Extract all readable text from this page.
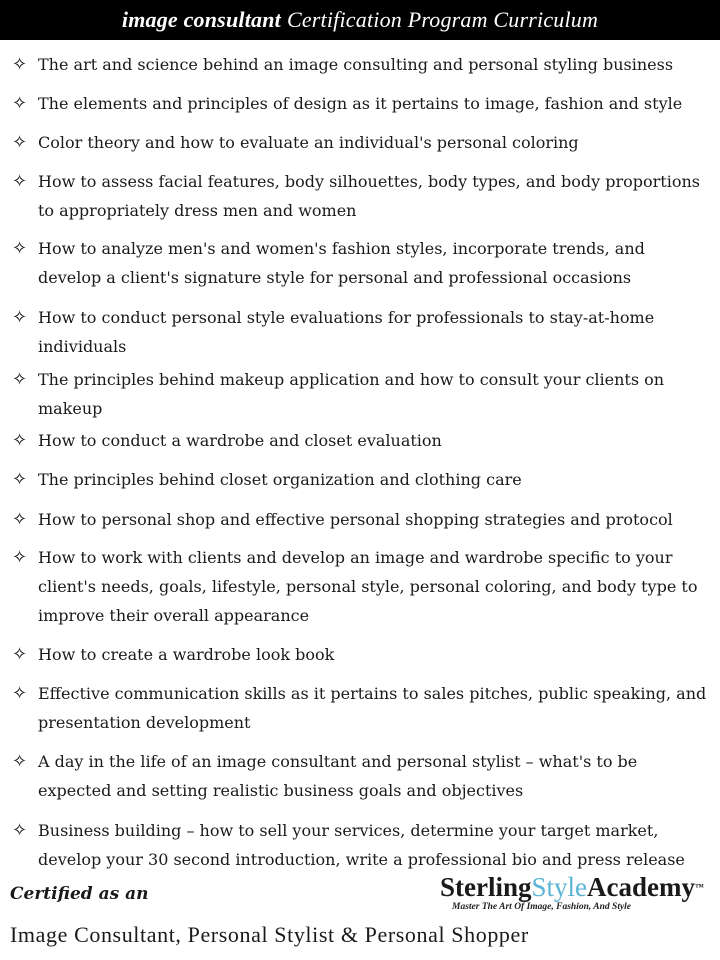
image consultant Certification Program Curriculum
✧ The art and science behind an image consulting and personal styling business
✧ The elements and principles of design as it pertains to image, fashion and style
✧ Color theory and how to evaluate an individual's personal coloring
✧ How to assess facial features, body silhouettes, body types, and body proportions to appropriately dress men and women
✧ How to analyze men's and women's fashion styles, incorporate trends, and develop a client's signature style for personal and professional occasions
✧ How to conduct personal style evaluations for professionals to stay-at-home individuals
✧ The principles behind makeup application and how to consult your clients on makeup
✧ How to conduct a wardrobe and closet evaluation
✧ The principles behind closet organization and clothing care
✧ How to personal shop and effective personal shopping strategies and protocol
✧ How to work with clients and develop an image and wardrobe specific to your client's needs, goals, lifestyle, personal style, personal coloring, and body type to improve their overall appearance
✧ How to create a wardrobe look book
✧ Effective communication skills as it pertains to sales pitches, public speaking, and presentation development
✧ A day in the life of an image consultant and personal stylist – what's to be expected and setting realistic business goals and objectives
✧ Business building – how to sell your services, determine your target market, develop your 30 second introduction, write a professional bio and press release
Certified as an
Image Consultant, Personal Stylist & Personal Shopper
SterlingStyleAcademy™
Master The Art Of Image, Fashion, And Style
